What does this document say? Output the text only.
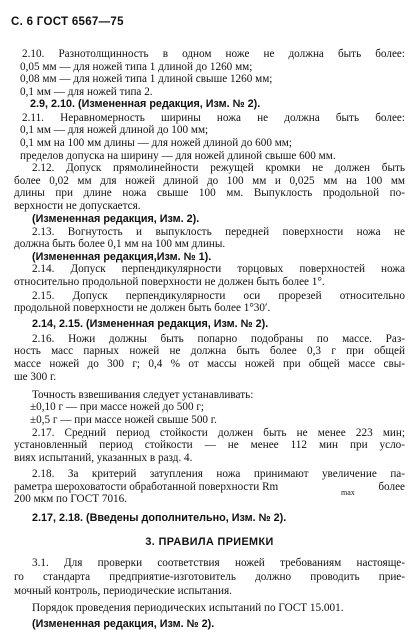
С. 6 ГОСТ 6567—75
2.10. Разнотолщинность в одном ноже не должна быть более:
0,05 мм — для ножей типа 1 длиной до 1260 мм;
0,08 мм — для ножей типа 1 длиной свыше 1260 мм;
0,1 мм — для ножей типа 2.
2.9, 2.10. (Измененная редакция, Изм. № 2).
2.11. Неравномерность ширины ножа не должна быть более:
0,1 мм — для ножей длиной до 100 мм;
0,1 мм на 100 мм длины — для ножей длиной до 600 мм;
пределов допуска на ширину — для ножей длиной свыше 600 мм.
2.12. Допуск прямолинейности режущей кромки не должен быть
более 0,02 мм для ножей длиной до 100 мм и 0,025 мм на 100 мм
длины при длине ножа свыше 100 мм. Выпуклость продольной по-
верхности не допускается.
(Измененная редакция, Изм. 2).
2.13. Вогнутость и выпуклость передней поверхности ножа не
должна быть более 0,1 мм на 100 мм длины.
(Измененная редакция,Изм. № 1).
2.14. Допуск перпендикулярности торцовых поверхностей ножа
относительно продольной поверхности не должен быть более 1°.
2.15. Допуск перпендикулярности оси прорезей относительно
продольной поверхности не должен быть более 1°30′.
2.14, 2.15. (Измененная редакция, Изм. № 2).
2.16. Ножи должны быть попарно подобраны по массе. Раз-
ность масс парных ножей не должна быть более 0,3 г при общей
массе ножей до 300 г; 0,4 % от массы ножей при общей массе свы-
ше 300 г.
Точность взвешивания следует устанавливать:
±0,10 г — при массе ножей до 500 г;
±0,5 г — при массе ножей свыше 500 г.
2.17. Средний период стойкости должен быть не менее 223 мин;
установленный период стойкости — не менее 112 мин при усло-
виях испытаний, указанных в разд. 4.
2.18. За критерий затупления ножа принимают увеличение па-
раметра шероховатости обработанной поверхности Rm	max более
200 мкм по ГОСТ 7016.
2.17, 2.18. (Введены дополнительно, Изм. № 2).
3. ПРАВИЛА ПРИЕМКИ
3.1. Для проверки соответствия ножей требованиям настояще-
го стандарта предприятие-изготовитель должно проводить прие-
мочный контроль, периодические испытания.
Порядок проведения периодических испытаний по ГОСТ 15.001.
(Измененная редакция, Изм. № 2).
